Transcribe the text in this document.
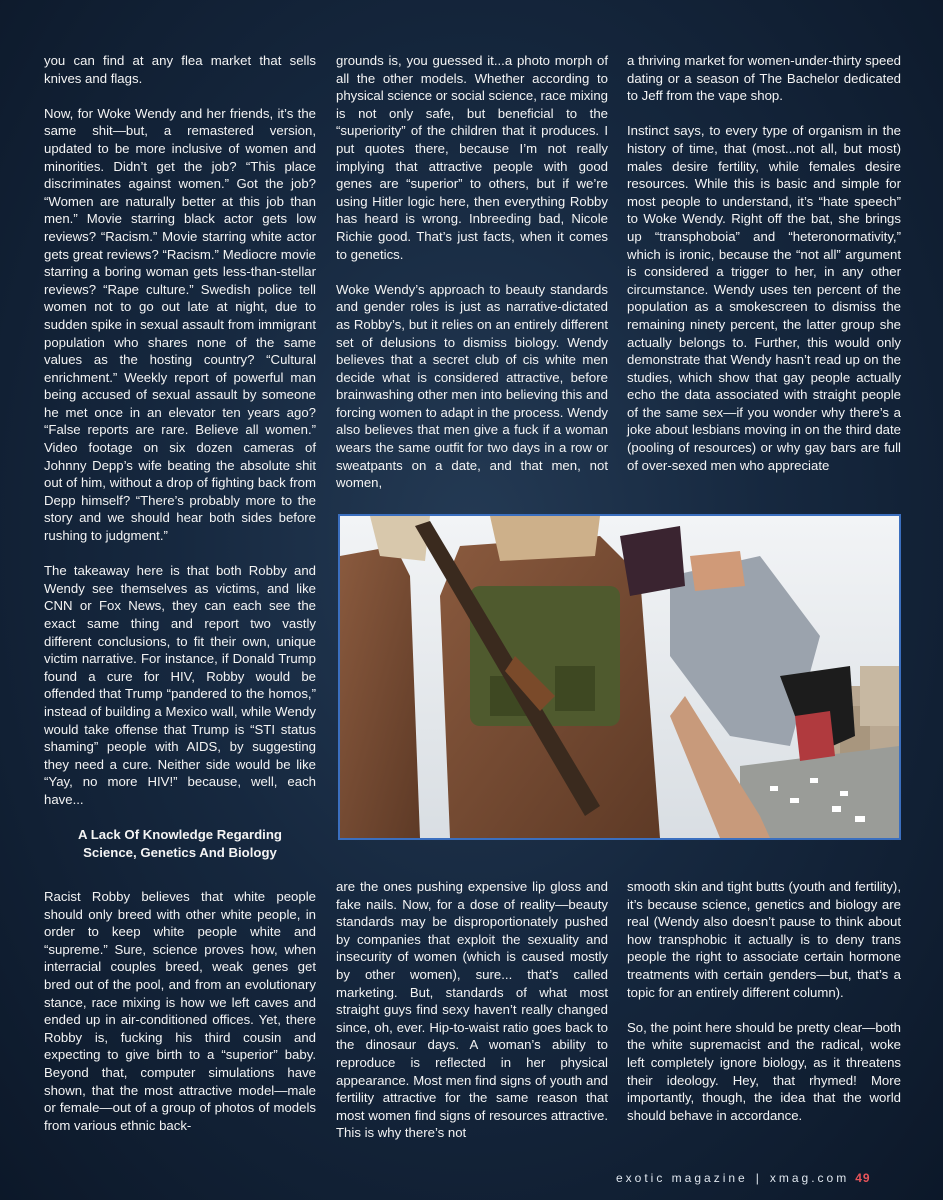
you can find at any flea market that sells knives and flags.

Now, for Woke Wendy and her friends, it’s the same shit—but, a remastered version, updated to be more inclusive of women and minorities. Didn’t get the job? “This place discriminates against women.” Got the job? “Women are naturally better at this job than men.” Movie starring black actor gets low reviews? “Racism.” Movie starring white actor gets great reviews? “Racism.” Mediocre movie starring a boring woman gets less-than-stellar reviews? “Rape culture.” Swedish police tell women not to go out late at night, due to sudden spike in sexual assault from immigrant population who shares none of the same values as the hosting country? “Cultural enrichment.” Weekly report of powerful man being accused of sexual assault by someone he met once in an elevator ten years ago? “False reports are rare. Believe all women.” Video footage on six dozen cameras of Johnny Depp’s wife beating the absolute shit out of him, without a drop of fighting back from Depp himself? “There’s probably more to the story and we should hear both sides before rushing to judgment.”

The takeaway here is that both Robby and Wendy see themselves as victims, and like CNN or Fox News, they can each see the exact same thing and report two vastly different conclusions, to fit their own, unique victim narrative. For instance, if Donald Trump found a cure for HIV, Robby would be offended that Trump “pandered to the homos,” instead of building a Mexico wall, while Wendy would take offense that Trump is “STI status shaming” people with AIDS, by suggesting they need a cure. Neither side would be like “Yay, no more HIV!” because, well, each have...

A Lack Of Knowledge Regarding Science, Genetics And Biology

Racist Robby believes that white people should only breed with other white people, in order to keep white people white and “supreme.” Sure, science proves how, when interracial couples breed, weak genes get bred out of the pool, and from an evolutionary stance, race mixing is how we left caves and ended up in air-conditioned offices. Yet, there Robby is, fucking his third cousin and expecting to give birth to a “superior” baby. Beyond that, computer simulations have shown, that the most attractive model—male or female—out of a group of photos of models from various ethnic back-

grounds is, you guessed it...a photo morph of all the other models. Whether according to physical science or social science, race mixing is not only safe, but beneficial to the “superiority” of the children that it produces. I put quotes there, because I’m not really implying that attractive people with good genes are “superior” to others, but if we’re using Hitler logic here, then everything Robby has heard is wrong. Inbreeding bad, Nicole Richie good. That’s just facts, when it comes to genetics.

Woke Wendy’s approach to beauty standards and gender roles is just as narrative-dictated as Robby’s, but it relies on an entirely different set of delusions to dismiss biology. Wendy believes that a secret club of cis white men decide what is considered attractive, before brainwashing other men into believing this and forcing women to adapt in the process. Wendy also believes that men give a fuck if a woman wears the same outfit for two days in a row or sweatpants on a date, and that men, not women,

are the ones pushing expensive lip gloss and fake nails. Now, for a dose of reality—beauty standards may be disproportionately pushed by companies that exploit the sexuality and insecurity of women (which is caused mostly by other women), sure... that’s called marketing. But, standards of what most straight guys find sexy haven’t really changed since, oh, ever. Hip-to-waist ratio goes back to the dinosaur days. A woman’s ability to reproduce is reflected in her physical appearance. Most men find signs of youth and fertility attractive for the same reason that most women find signs of resources attractive. This is why there’s not

a thriving market for women-under-thirty speed dating or a season of The Bachelor dedicated to Jeff from the vape shop.

Instinct says, to every type of organism in the history of time, that (most...not all, but most) males desire fertility, while females desire resources. While this is basic and simple for most people to understand, it’s “hate speech” to Woke Wendy. Right off the bat, she brings up “transphoboia” and “heteronormativity,” which is ironic, because the “not all” argument is considered a trigger to her, in any other circumstance. Wendy uses ten percent of the population as a smokescreen to dismiss the remaining ninety percent, the latter group she actually belongs to. Further, this would only demonstrate that Wendy hasn’t read up on the studies, which show that gay people actually echo the data associated with straight people of the same sex—if you wonder why there’s a joke about lesbians moving in on the third date (pooling of resources) or why gay bars are full of over-sexed men who appreciate

smooth skin and tight butts (youth and fertility), it’s because science, genetics and biology are real (Wendy also doesn’t pause to think about how transphobic it actually is to deny trans people the right to associate certain hormone treatments with certain genders—but, that’s a topic for an entirely different column).

So, the point here should be pretty clear—both the white supremacist and the radical, woke left completely ignore biology, as it threatens their ideology. Hey, that rhymed! More importantly, though, the idea that the world should behave in accordance.

exotic magazine | xmag.com 49
